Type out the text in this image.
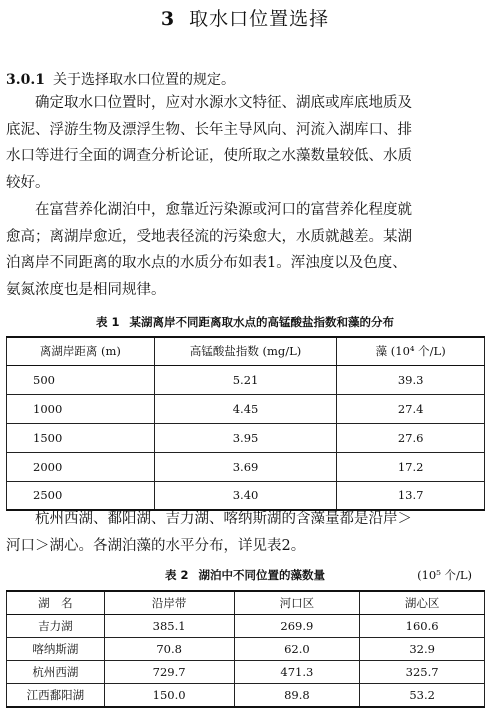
3 取水口位置选择
3.0.1 关于选择取水口位置的规定。
确定取水口位置时，应对水源水文特征、湖底或库底地质及
底泥、浮游生物及漂浮生物、长年主导风向、河流入湖库口、排
水口等进行全面的调查分析论证，使所取之水藻数量较低、水质
较好。
在富营养化湖泊中，愈靠近污染源或河口的富营养化程度就
愈高；离湖岸愈近，受地表径流的污染愈大，水质就越差。某湖
泊离岸不同距离的取水点的水质分布如表1。浑浊度以及色度、
氨氮浓度也是相同规律。
表 1 某湖离岸不同距离取水点的高锰酸盐指数和藻的分布
离湖岸距离 (m)	高锰酸盐指数 (mg/L)	藻 (10⁴ 个/L)
500	5.21	39.3
1000	4.45	27.4
1500	3.95	27.6
2000	3.69	17.2
2500	3.40	13.7
杭州西湖、鄱阳湖、吉力湖、喀纳斯湖的含藻量都是沿岸＞
河口＞湖心。各湖泊藻的水平分布，详见表2。
表 2 湖泊中不同位置的藻数量	(10⁵ 个/L)
湖　名	沿岸带	河口区	湖心区
吉力湖	385.1	269.9	160.6
喀纳斯湖	70.8	62.0	32.9
杭州西湖	729.7	471.3	325.7
江西鄱阳湖	150.0	89.8	53.2
